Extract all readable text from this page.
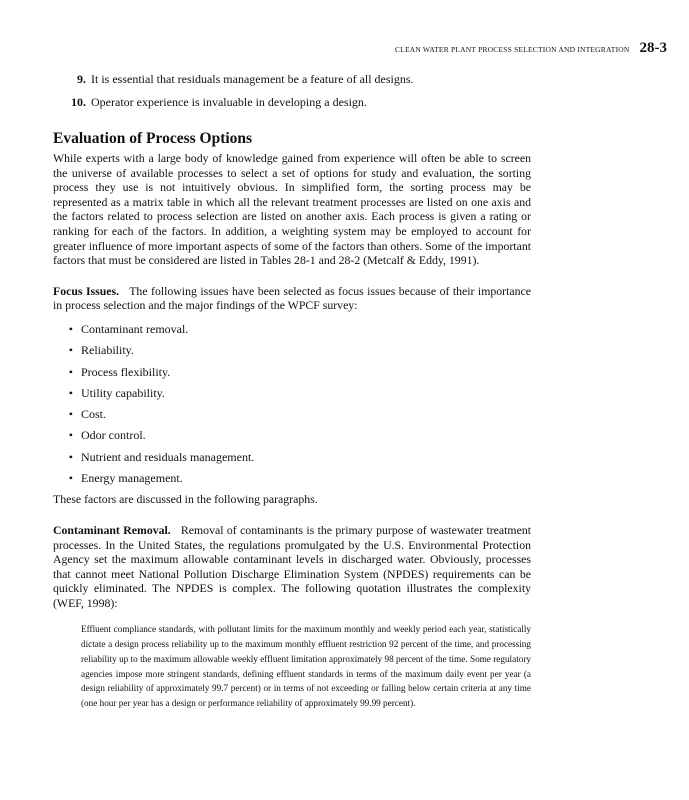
CLEAN WATER PLANT PROCESS SELECTION AND INTEGRATION 28-3
9. It is essential that residuals management be a feature of all designs.
10. Operator experience is invaluable in developing a design.
Evaluation of Process Options

While experts with a large body of knowledge gained from experience will often be able to screen the universe of available processes to select a set of options for study and evaluation, the sorting process they use is not intuitively obvious. In simplified form, the sorting process may be represented as a matrix table in which all the relevant treatment processes are listed on one axis and the factors related to process selection are listed on another axis. Each process is given a rating or ranking for each of the factors. In addition, a weighting system may be employed to account for greater influence of more important aspects of some of the factors than others. Some of the important factors that must be considered are listed in Tables 28-1 and 28-2 (Metcalf & Eddy, 1991).

Focus Issues. The following issues have been selected as focus issues because of their importance in process selection and the major findings of the WPCF survey:

• Contaminant removal.
• Reliability.
• Process flexibility.
• Utility capability.
• Cost.
• Odor control.
• Nutrient and residuals management.
• Energy management.

These factors are discussed in the following paragraphs.

Contaminant Removal. Removal of contaminants is the primary purpose of wastewater treatment processes. In the United States, the regulations promulgated by the U.S. Environmental Protection Agency set the maximum allowable contaminant levels in discharged water. Obviously, processes that cannot meet National Pollution Discharge Elimination System (NPDES) requirements can be quickly eliminated. The NPDES is complex. The following quotation illustrates the complexity (WEF, 1998):

Effluent compliance standards, with pollutant limits for the maximum monthly and weekly period each year, statistically dictate a design process reliability up to the maximum monthly effluent restriction 92 percent of the time, and processing reliability up to the maximum allowable weekly effluent limitation approximately 98 percent of the time. Some regulatory agencies impose more stringent standards, defining effluent standards in terms of the maximum daily event per year (a design reliability of approximately 99.7 percent) or in terms of not exceeding or falling below certain criteria at any time (one hour per year has a design or performance reliability of approximately 99.99 percent).
